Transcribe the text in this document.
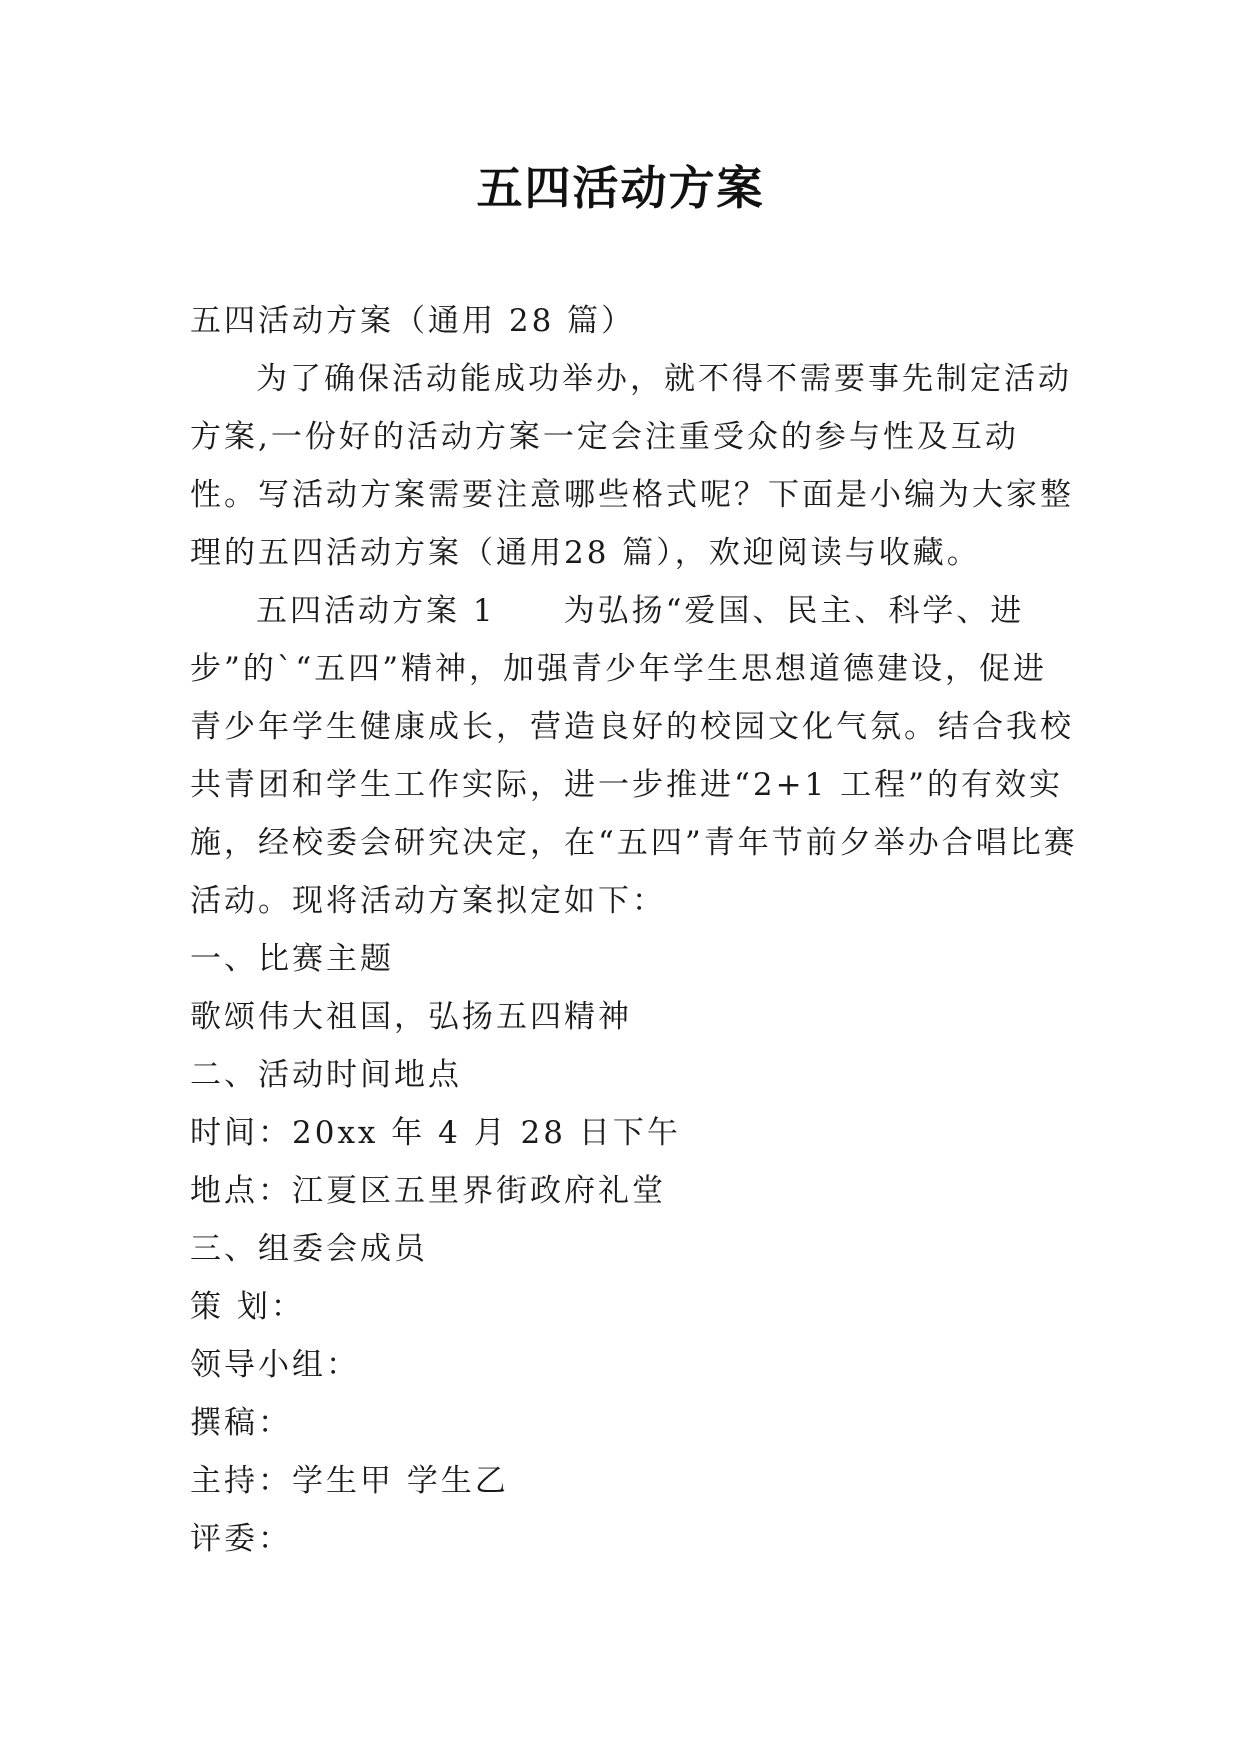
五四活动方案

五四活动方案（通用 28 篇）

为了确保活动能成功举办，就不得不需要事先制定活动方案,一份好的活动方案一定会注重受众的参与性及互动性。写活动方案需要注意哪些格式呢？下面是小编为大家整理的五四活动方案（通用28 篇），欢迎阅读与收藏。

五四活动方案 1　　为弘扬“爱国、民主、科学、进步”的`“五四”精神，加强青少年学生思想道德建设，促进青少年学生健康成长，营造良好的校园文化气氛。结合我校共青团和学生工作实际，进一步推进“2+1 工程”的有效实施，经校委会研究决定，在“五四”青年节前夕举办合唱比赛活动。现将活动方案拟定如下：

一、比赛主题

歌颂伟大祖国，弘扬五四精神

二、活动时间地点

时间：20xx 年 4 月 28 日下午

地点：江夏区五里界街政府礼堂

三、组委会成员

策 划：

领导小组：

撰稿：

主持：学生甲 学生乙

评委：
